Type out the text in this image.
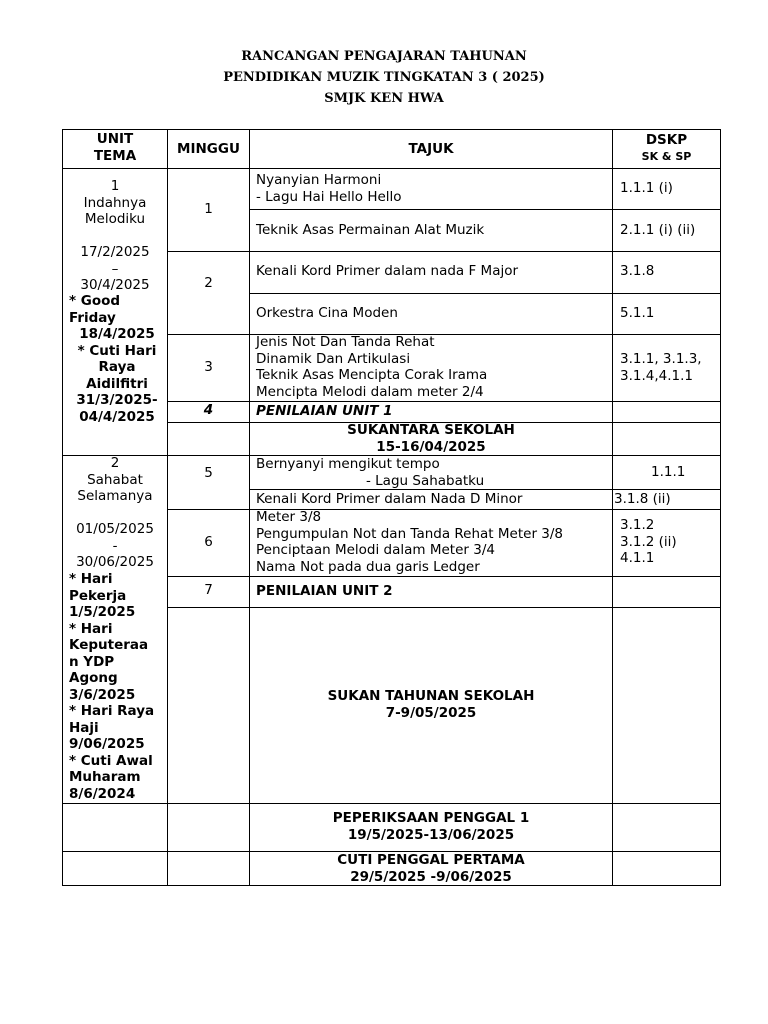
RANCANGAN PENGAJARAN TAHUNAN
PENDIDIKAN MUZIK TINGKATAN 3 ( 2025)
SMJK KEN HWA
UNIT
TEMA	MINGGU	TAJUK
DSKP
SK & SP
1
Indahnya
Melodiku
17/2/2025
–
30/4/2025
* Good
Friday
18/4/2025
* Cuti Hari
Raya
Aidilfitri
31/3/2025-
04/4/2025
2
Sahabat
Selamanya
01/05/2025
-
30/06/2025
* Hari
Pekerja
1/5/2025
* Hari
Keputeraa
n YDP
Agong
3/6/2025
* Hari Raya
Haji
9/06/2025
* Cuti Awal
Muharam
8/6/2024
1
2
3
4
5
6
7
Nyanyian Harmoni
- Lagu Hai Hello Hello
Teknik Asas Permainan Alat Muzik
Kenali Kord Primer dalam nada F Major
Orkestra Cina Moden
Jenis Not Dan Tanda Rehat
Dinamik Dan Artikulasi
Teknik Asas Mencipta Corak Irama
Mencipta Melodi dalam meter 2/4
PENILAIAN UNIT 1
SUKANTARA SEKOLAH
15-16/04/2025
Bernyanyi mengikut tempo
- Lagu Sahabatku
Kenali Kord Primer dalam Nada D Minor
Meter 3/8
Pengumpulan Not dan Tanda Rehat Meter 3/8
Penciptaan Melodi dalam Meter 3/4
Nama Not pada dua garis Ledger
PENILAIAN UNIT 2
SUKAN TAHUNAN SEKOLAH
7-9/05/2025
PEPERIKSAAN PENGGAL 1
19/5/2025-13/06/2025
CUTI PENGGAL PERTAMA
29/5/2025 -9/06/2025
1.1.1 (i)
2.1.1 (i) (ii)
3.1.8
5.1.1
3.1.1, 3.1.3,
3.1.4,4.1.1
1.1.1
3.1.8 (ii)
3.1.2
3.1.2 (ii)
4.1.1
